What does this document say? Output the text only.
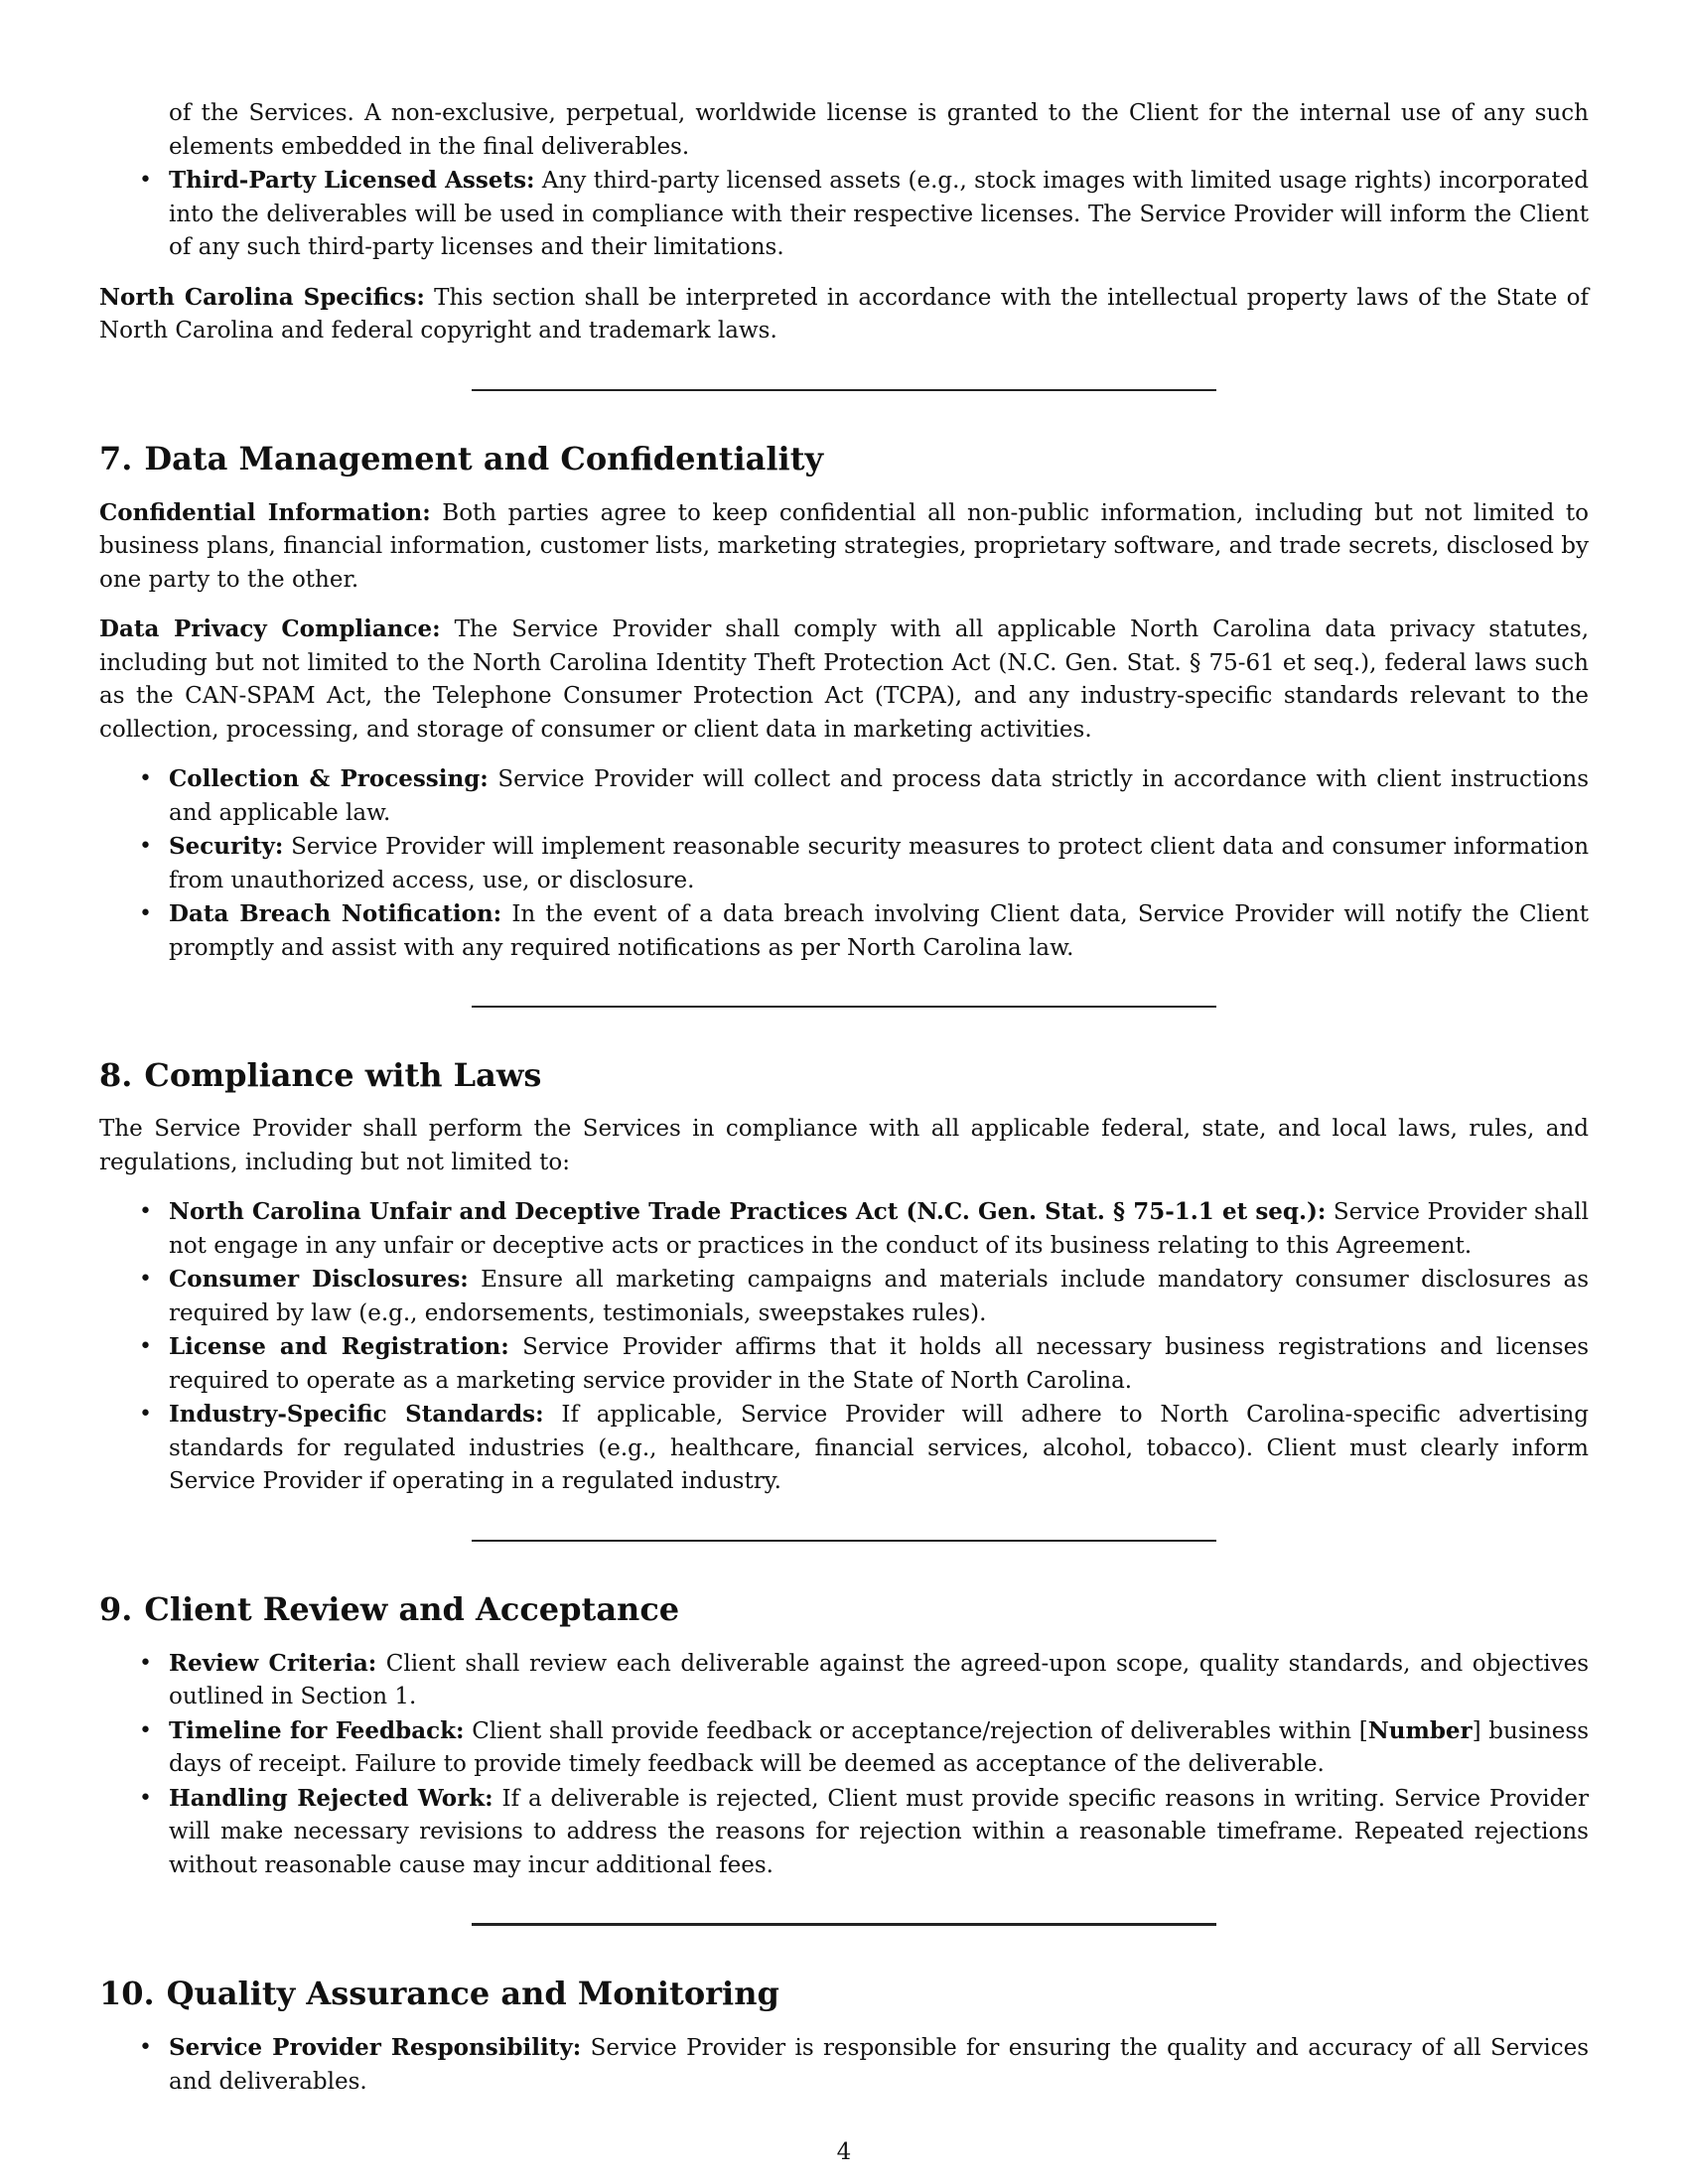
of the Services. A non-exclusive, perpetual, worldwide license is granted to the Client for the internal use of any such elements embedded in the final deliverables.
• Third-Party Licensed Assets: Any third-party licensed assets (e.g., stock images with limited usage rights) incorporated into the deliverables will be used in compliance with their respective licenses. The Service Provider will inform the Client of any such third-party licenses and their limitations.

North Carolina Specifics: This section shall be interpreted in accordance with the intellectual property laws of the State of North Carolina and federal copyright and trademark laws.

7. Data Management and Confidentiality

Confidential Information: Both parties agree to keep confidential all non-public information, including but not limited to business plans, financial information, customer lists, marketing strategies, proprietary software, and trade secrets, disclosed by one party to the other.

Data Privacy Compliance: The Service Provider shall comply with all applicable North Carolina data privacy statutes, including but not limited to the North Carolina Identity Theft Protection Act (N.C. Gen. Stat. § 75-61 et seq.), federal laws such as the CAN-SPAM Act, the Telephone Consumer Protection Act (TCPA), and any industry-specific standards relevant to the collection, processing, and storage of consumer or client data in marketing activities.

• Collection & Processing: Service Provider will collect and process data strictly in accordance with client instructions and applicable law.
• Security: Service Provider will implement reasonable security measures to protect client data and consumer information from unauthorized access, use, or disclosure.
• Data Breach Notification: In the event of a data breach involving Client data, Service Provider will notify the Client promptly and assist with any required notifications as per North Carolina law.
8. Compliance with Laws

The Service Provider shall perform the Services in compliance with all applicable federal, state, and local laws, rules, and regulations, including but not limited to:

• North Carolina Unfair and Deceptive Trade Practices Act (N.C. Gen. Stat. § 75-1.1 et seq.): Service Provider shall not engage in any unfair or deceptive acts or practices in the conduct of its business relating to this Agreement.
• Consumer Disclosures: Ensure all marketing campaigns and materials include mandatory consumer disclosures as required by law (e.g., endorsements, testimonials, sweepstakes rules).
• License and Registration: Service Provider affirms that it holds all necessary business registrations and licenses required to operate as a marketing service provider in the State of North Carolina.
• Industry-Specific Standards: If applicable, Service Provider will adhere to North Carolina-specific advertising standards for regulated industries (e.g., healthcare, financial services, alcohol, tobacco). Client must clearly inform Service Provider if operating in a regulated industry.
9. Client Review and Acceptance
• Review Criteria: Client shall review each deliverable against the agreed-upon scope, quality standards, and objectives outlined in Section 1.
• Timeline for Feedback: Client shall provide feedback or acceptance/rejection of deliverables within [Number] business days of receipt. Failure to provide timely feedback will be deemed as acceptance of the deliverable.
• Handling Rejected Work: If a deliverable is rejected, Client must provide specific reasons in writing. Service Provider will make necessary revisions to address the reasons for rejection within a reasonable timeframe. Repeated rejections without reasonable cause may incur additional fees.
10. Quality Assurance and Monitoring
• Service Provider Responsibility: Service Provider is responsible for ensuring the quality and accuracy of all Services and deliverables.
4
